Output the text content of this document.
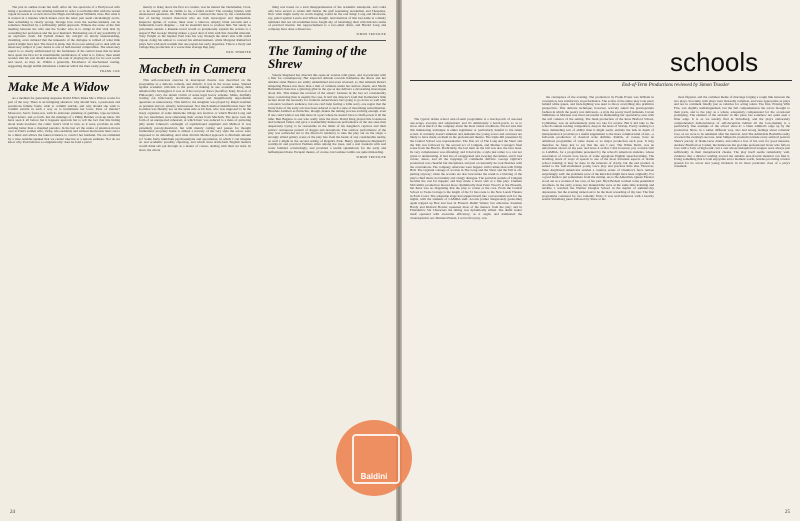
The plot in outline looks but stuff. After all, the spectacle of a Hollywood wife being a prostitute for her striking husband in order to revitalize him with the sexual vigour he needs is a touch above the Hugh and Margaret Williams class. But what it is treated in a manner which makes even the latter pair seem calculatingly erotic, then something is clearly wrong. Strange how even the teacher-students can be somehow disturbed by a sufficiently pitiful approach. Witness the scene of the first meeting between the wife and the 'lookie' who is to oblige in this vital deal by consulting her profession and the poor husband. Thickening out of any possibility of an explosive clash. Mr Tyrhall makes his call-girl an utterly understanding, charming, even cultured that the innuendo of the dialogue is robbed of what little point it might have had. The moral is plain, that it's no use setting out to deal with an unsavoury subject if your desire is one of half-hearted compromise. The unsavoury aspect is so clearly embarrassed by the feebleness of his central issue that he must have spent the first act in interminable justification of what is to follow, then small wonder that his cast should abandon the task of playing the play for its own worth and resort, as they do. Within a generally. Excellence of mechanised casting, suggesting though skilful simulation a humour which the lines rarely possess.

FRANK COX
Make Me A Widow

As a medium for generating suspense David Ellis's Make Me a Widow works for part of the way. There is an intriguing situation: why should Sara, a passionate and ponderous femme fatale, wish to commit suicide, and why should she wish to commit suicide in such a way as to incriminate her lover, Paul, of murder? Moreover, Sara's foster-son, with its elaborate planning of gambles, tape-recorders, forged letters, and so forth, has the makings of a Philip Hurther cook-up ideas. We have seen it all before but it happens upwards but to tell the fact that this hiding about leads nowhere; the comic twist's vivid to turn, as it were, provides us with nothing better than a charmed paradox. In the last act the centre of attention moves over to Paul's sodden wife, Vicky, who suddenly and without motivation turns out to be a minx and allows the faked evidence to convict her husband. We are reminded by a wise outsider-speaker that we cannot take her at a serious estimate. Nor do we know why Paul behaves so enigmatically: does he fond a pistol

merely to bring down the first act curtain, was he indeed the blackmailer, Ivors, or is he merely what he claims to be, a failed writer? The evening bristles with unanswered questions. Mr Ellis has further confused the issue by the considerable fear of having created characters who are both stereotypes and implausible. Inspector Quinn, of course, must wear a raincoat, employ blunt sarcasm and a fashionable touch disguise — but he shouldn't have to produce him. Yet surely no policeman outside a Russian novel would so gratuitously explain his actions to a suspect? But George Waring makes a good deal of him with this dreadful material. Tony Wright as the hapless Paul bats his way through the smart sins with stolid vigour, doing his utmost to conceal his embarrassment, while Margaret Rutherford plays Sara with such warmth that one regrets her early departure. This is a lively and vintage Rep production of a worse than average Rep play.

ERIC SHORTER
Macbeth in Camera

This self-conscious exercise in interrupted theatre was described on the programme as a delicate comedy, and didactic it was in the worse sense. Slanted against academic criticism to the point of making in one academic sitting dark unbelievably bedraggled, it was as if the real poet draws (Geoffrey Kan), Doctors of Philosophy carry the dream victim of some legal horror scheme. Miles, dutifully trotting out ludicrously inarticulate answers and magnificently unprofitable questions as unnecessary. This lamb to the slaughter was played by Ralph Goulden as petulant and rat, smartly homosexual. Not much method identification here: Mr Goulden was fluently not on the same side as Dr Ken, who was supposed to be the brazy organiser of some miniscule village arts festival, or which Harold Long and his two henchmen were rehearsing their scenes from Macbeth. The piece took the form of an unexpected rehearsal, at which Kerr was reduced to a mass of quivering jelly under Johnson's onslaught of sophisticated argument and Method. It was extremely parody-theatrical, but with merely cutting and pauses for thought furthermost propriety home to almost a travesty of the very style the actors were supposed to be defending. And what did this Method approach to Macbeth amount to? Some fairly humdrum psychoanalysis and speculation, in which I can imagine no real academic possibly objecting, and which most sixth-form English masters would think salt put through as a matter of course, dealing with their set texts. In short, the whole

thing was based on a total misapprehension of the academic standpoint, and could only have served to widen still further the gulf separating Academies and Thespians. Now what might really be worth staging would be the real thing: Long and Morewitz, say, pitted against Leavis and Wilson Knight. And mention of that last name is a timely reminder that not all academies have fought shy of translating their criticism into terms of practical theatre: but rapprochement is a two-sided affair, and Harold Long and company have done a disservice.

SIMON TRUSSLER
The Taming of the Shrew

Valerie Shephard has directed this open-air version with gusto, and in particular with a flair for contemporary. Her expected attitude towards Katherina the shrew and her amiable sister Bianca are subtly undermined and even reversed, so that Amanda Reiss's simpering Bianca has more than a hint of cattiness under her surface charm, and Sheila Ballantine's Kate has a glancing glint in the eye as she delivers a devastating monologue about life. This makes the reversal of the sisters' fortunes in the last act considerably more convincing than is usually the case. It isn't the director's fault that Katherina's little lecture about the necessity for women's subservience isn't going to go down so well with a modern 'women's audience, but one can't help feeling a trifle sorry, one regret that the lively Kate of the early acts has been reduced to such a state of moralising subordination. Hinsdale Lambert as Petruchio, though, makes the taming process exciting enough, even if one could wish to see him more in a part where he doesn't have to bluff-power it all the time. Ben Bagnew is one who really wins the most. David King played this boisterous and bothered father, and gave a wonderfully humorous performance as the one sane man desperately trying to be reasonable in the midst of his daughter's caprices and their suitors' outrageous pursuit of dogges and deceptions. The outdoor performance of the play was somewhat not to the director's tendency to take the play out on the stage; a strongly stilted gallery scene of the play late from the heads of any considerable nudity, as well a might in the second setting of Regent's Park. Henry Quickmoore-Shepherd's warmly-lit and practical Padman stiles among the trees, and a real fountain with real water bubbled convincingly, and provided a useful splashdown for the early and halftempered Kate. Escapist theatre, of course, but Gotiske Lambs are quite misleading.

SIMON TRUSSLER
24
schools
End-of-Term Productions reviewed by Simon Trussler

The typical drama school end-of-term programme is a hotch-potch of assorted one-acters, excerpts and adaptations: and it's deliberately a hotch-potch, so as to show off as much of the company about the most varied conditions. I'm not sure that this ministering technique is either legitimate or particularly helpful to the talent scouts. It certainly doesn't simulate and demands the young actors and actresses are likely to have made on them in the professional theatre. The triple-bill presented by the Central School was representative. The first act of The Long and the Short and the Tall was followed by the second act of Caligula, and Mother Courage's final scene from the Brecht. Predictably, the last item on the bill was also the best done. Its very completeness was offending: and it had style, a style just rather to a cast not given to understating. It had lots of exaggerated and swaying movement, and it had colour, dance, and all the trappings of commedia dell'arte. George Ogilvie's production was cheerful but disciplined, and just occasionally he took liberties with the conventions. The company otherwise were happier with Camus than with Willis Hall. The regional coinage of accents in The Long and the Short and the Tall is off-putting anyway; when the accents are also inaccurate the result is a blurring of the play's chief merit, its brutality and clangy dialogue. The patrician sounds of Caligula became the cast far happier, and they made a brave stab at a fine play. Clement McCallin's production moved more rhythmically than Peter Wood's at the Phoenix, but there was no disguising that the play is cotton at the core. From the Central School to Swiss Cottage is the length of the 31 bus route to the New Lands Theatre in Earls Court. The adaptable stage had adapted itself into a proscenium arch for the nights, with the students of LAMDA staff. Acorns (rather dangerously green-like) again tripped up Ben and Gee in Flanaa's Dumb Waiter; but otherwise Jonathan Hardy and Richard Bowler squeezed most of the menace from the play; and in Pirandello's Six Characters the timing was dynamically stilled. The dumb waiter itself operated with awesome efficiency, as it ought, and dominated the claustrophobic set. Mariana Pineda, Lorca's first play, was

the centrepiece of the evening. The production by Frank Evans was brilliant in conception, less satisfactory in performance. The action of the entire play took place behind white gauze, and back-lighting was used to throw everything into primitive perspective. This delicate technique, however, scarcely suited the grand-gesture fashion in which the poetry was delivered—a style the poetry itself demands. Carole Stimmons as Mariana was most successful in maintaining her speculative ease with the soft cadence of the setting. The main production of the Rose Bruford School, Cymbeline, was an unfortunately quite too late for review. But it did take to the school's annual reading competition, deep in the heart of Sidcup. Poetry reading is a more demanding test of ability than it might seem, entirely the task in depth of interpretation it provides is a useful supplement to the more common kind of test—a full-scale production of classical scale abilities. RADA, of course, have an ambitious programme of some dozen or so major production each year. It may therefore be fussy just to say that the one I saw, The White Devil, was an unfortunate choice on my part, and leave it at that. I did, however, pay a return visit to LAMDA, for a programme presented by the school's American students, whose association of vowels bore traces of some egregious English speech-training. The levelling down of ways of speech is one of the most fortunate aspects of drama school training; it may be done in the interests of clarity, but the end product is suited to the well-modulated young voice play and precious little else. However, these Anglicised Americans tackled a carefree series of Chekhov's farce remote surprisingly well: the problems were of the kind that might have been originally. For a good mark to put somewhere from the cutting. As to the Ameridan, Queen Eleanor stood out as a woman of her own, of her part. Bryn Beckett worked come penumbral aloofness. In the early scenes, her mannerisms were at the same time irritating and terrible. I watched the Webber Douglas School in the depths of summer-day depression, but the evening turned out to be the most rewarding of my tour. The first programme consisted for two romantic firsts; it was well-balanced, with a heavily sexual Strindberg piece followed by Shaw at his

most flippant, and the common theme of marriage forging a rough link between the two plays. Secondly, both plays were blessedly complete, and were appropriate as plays and not in comment fixedly just as vehicles for acting talent. The first, Playing With Fire, was slightly undistinguished, but the full comprehension the actors brought to their parts, and to the play as a whole, adequately compensated for the occasional prompting. The element of the sardonic in this piece has somehow not quite seen a fitter edge. It is as we usually find in Strindberg, and the play's elaborately comprehended demonstration of self-deception behind all the love-making is a particularly fine example of the school show-it: a blunt admiral's edge up by the production Shaw, in a rather different way, also had strong feelings about romantic love, as we were to be reminded after the interval. And The Admirable Bashville really crowned the evening's success. Alan Simpson's production made every satirical point in Shaw's parody of blank-verse drama, and added a few of his own for good measure. Andrew Bradford as Cashel, the humorous but god-like professional boxer who falls in love with a 'lady of high rank', but a cast whose metaphorical tongues were always just sufficiently in their metaphorical cheeks. The play itself seems remarkably well, evidence that a director tending toward the suitable end-of-term material can find it. Using something that is both enjoyable and a moment worth, besides providing a better ground for its actors and young tricksters in its more particular class of a play's ornament.

25
Baldini
